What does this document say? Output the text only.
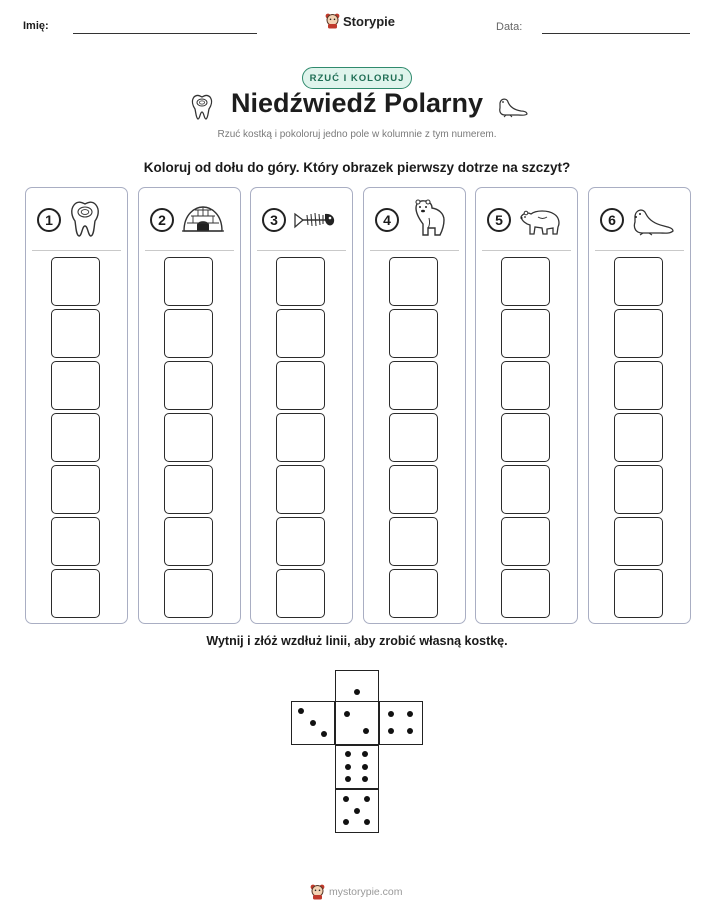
Imię:	Storypie	Data:
RZUĆ I KOLORUJ
Niedźwiedź Polarny
Rzuć kostką i pokoloruj jedno pole w kolumnie z tym numerem.
Koloruj od dołu do góry. Który obrazek pierwszy dotrze na szczyt?
1	2	3	4	5	6
Wytnij i złóż wzdłuż linii, aby zrobić własną kostkę.
mystorypie.com
